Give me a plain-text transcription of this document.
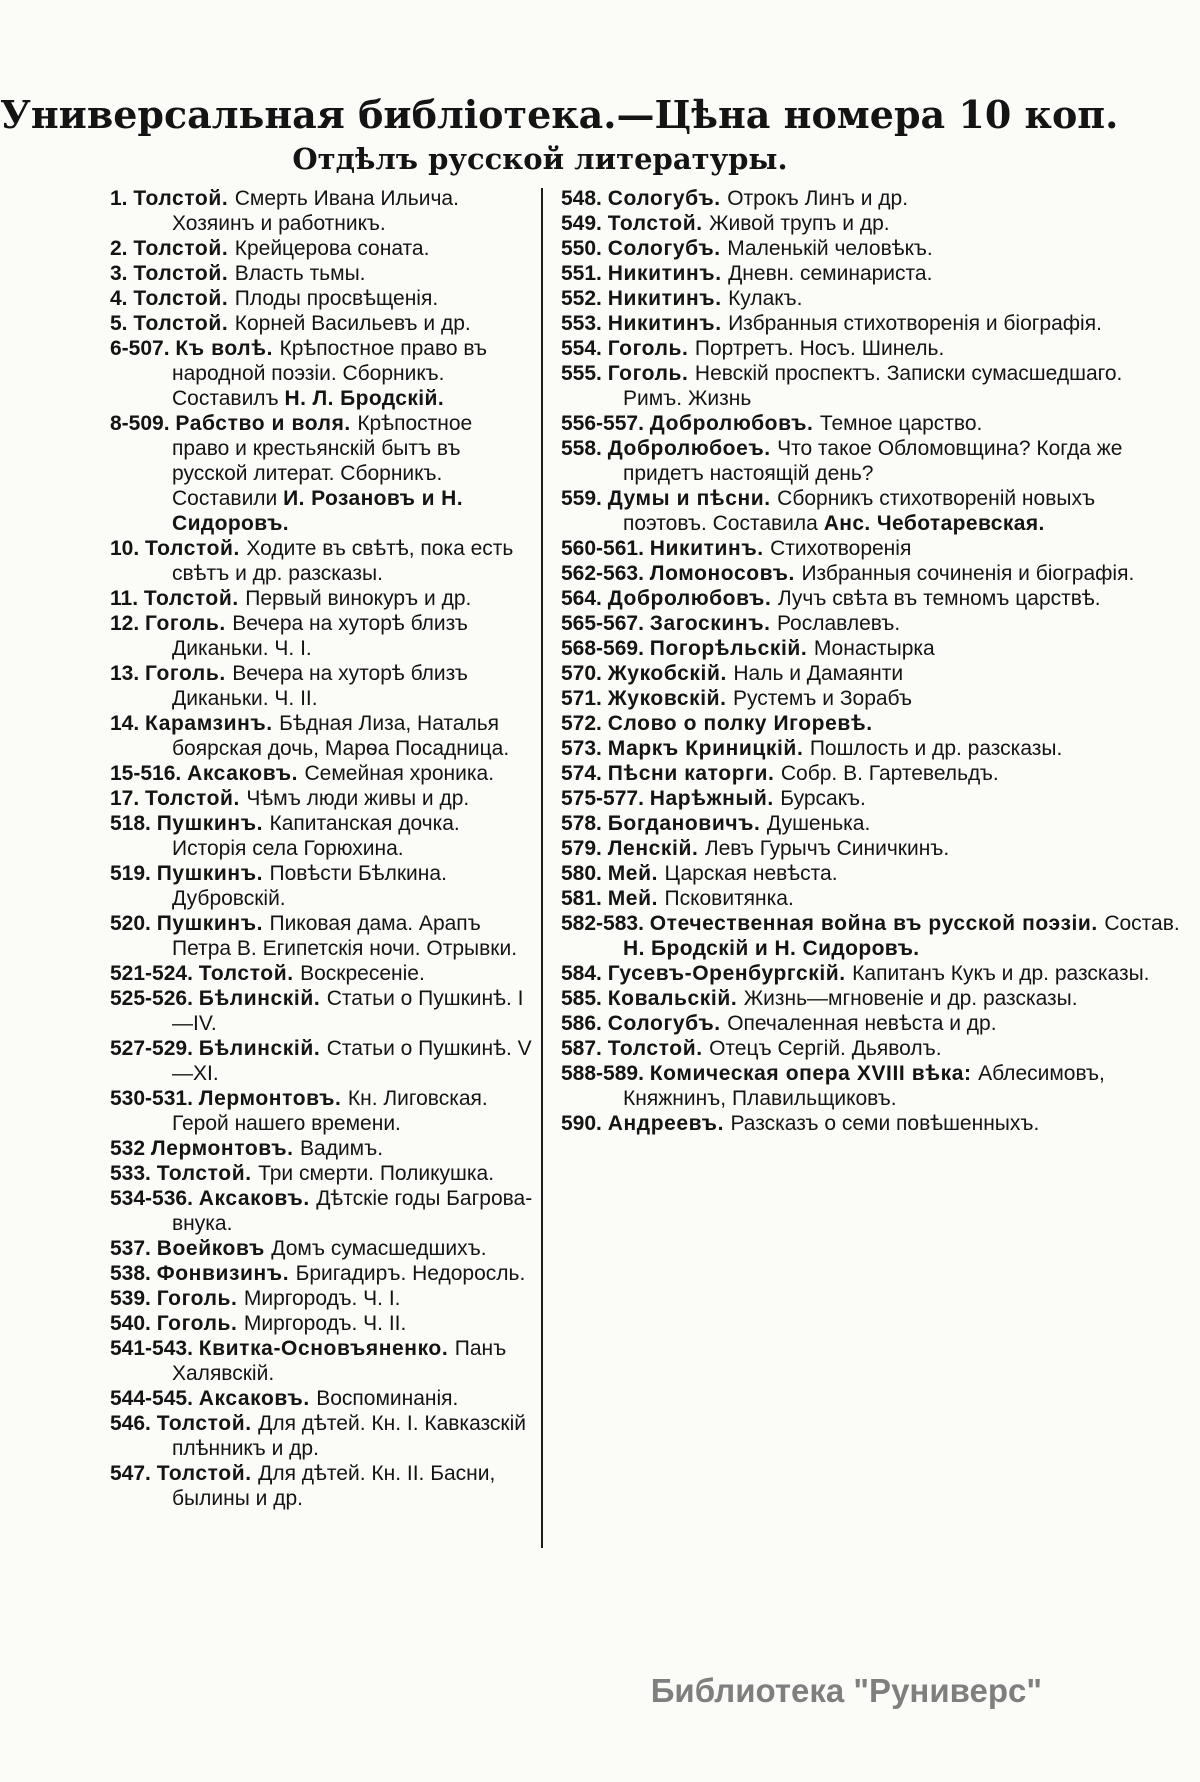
Универсальная библіотека.—Цѣна номера 10 коп.
Отдѣлъ русской литературы.
1. Толстой. Смерть Ивана Ильича. Хозяинъ и работникъ.
2. Толстой. Крейцерова соната.
3. Толстой. Власть тьмы.
4. Толстой. Плоды просвѣщенія.
5. Толстой. Корней Васильевъ и др.
6-507. Къ волѣ. Крѣпостное право въ народной поэзіи. Сборникъ. Составилъ Н. Л. Бродскій.
8-509. Рабство и воля. Крѣпостное право и крестьянскій бытъ въ русской литерат. Сборникъ. Составили И. Розановъ и Н. Сидоровъ.
10. Толстой. Ходите въ свѣтѣ, пока есть свѣтъ и др. разсказы.
11. Толстой. Первый винокуръ и др.
12. Гоголь. Вечера на хуторѣ близъ Диканьки. Ч. I.
13. Гоголь. Вечера на хуторѣ близъ Диканьки. Ч. II.
14. Карамзинъ. Бѣдная Лиза, Наталья боярская дочь, Марѳа Посадница.
15-516. Аксаковъ. Семейная хроника.
17. Толстой. Чѣмъ люди живы и др.
518. Пушкинъ. Капитанская дочка. Исторія села Горюхина.
519. Пушкинъ. Повѣсти Бѣлкина. Дубровскій.
520. Пушкинъ. Пиковая дама. Арапъ Петра В. Египетскія ночи. Отрывки.
521-524. Толстой. Воскресеніе.
525-526. Бѣлинскій. Статьи о Пушкинѣ. I—IV.
527-529. Бѣлинскій. Статьи о Пушкинѣ. V—XI.
530-531. Лермонтовъ. Кн. Лиговская. Герой нашего времени.
532 Лермонтовъ. Вадимъ.
533. Толстой. Три смерти. Поликушка.
534-536. Аксаковъ. Дѣтскіе годы Багрова-внука.
537. Воейковъ Домъ сумасшедшихъ.
538. Фонвизинъ. Бригадиръ. Недоросль.
539. Гоголь. Миргородъ. Ч. I.
540. Гоголь. Миргородъ. Ч. II.
541-543. Квитка-Основъяненко. Панъ Халявскій.
544-545. Аксаковъ. Воспоминанія.
546. Толстой. Для дѣтей. Кн. I. Кавказскій плѣнникъ и др.
547. Толстой. Для дѣтей. Кн. II. Басни, былины и др.
548. Сологубъ. Отрокъ Линъ и др.
549. Толстой. Живой трупъ и др.
550. Сологубъ. Маленькій человѣкъ.
551. Никитинъ. Дневн. семинариста.
552. Никитинъ. Кулакъ.
553. Никитинъ. Избранныя стихотворенія и біографія.
554. Гоголь. Портретъ. Носъ. Шинель.
555. Гоголь. Невскій проспектъ. Записки сумасшедшаго. Римъ. Жизнь
556-557. Добролюбовъ. Темное царство.
558. Добролюбоеъ. Что такое Обломовщина? Когда же придетъ настоящій день?
559. Думы и пѣсни. Сборникъ стихотвореній новыхъ поэтовъ. Составила Анс. Чеботаревская.
560-561. Никитинъ. Стихотворенія
562-563. Ломоносовъ. Избранныя сочиненія и біографія.
564. Добролюбовъ. Лучъ свѣта въ темномъ царствѣ.
565-567. Загоскинъ. Рославлевъ.
568-569. Погорѣльскій. Монастырка
570. Жукобскій. Наль и Дамаянти
571. Жуковскій. Рустемъ и Зорабъ
572. Слово о полку Игоревѣ.
573. Маркъ Криницкій. Пошлость и др. разсказы.
574. Пѣсни каторги. Собр. В. Гартевельдъ.
575-577. Нарѣжный. Бурсакъ.
578. Богдановичъ. Душенька.
579. Ленскій. Левъ Гурычъ Синичкинъ.
580. Мей. Царская невѣста.
581. Мей. Псковитянка.
582-583. Отечественная война въ русской поэзіи. Состав. Н. Бродскій и Н. Сидоровъ.
584. Гусевъ-Оренбургскій. Капитанъ Кукъ и др. разсказы.
585. Ковальскій. Жизнь—мгновеніе и др. разсказы.
586. Сологубъ. Опечаленная невѣста и др.
587. Толстой. Отецъ Сергій. Дьяволъ.
588-589. Комическая опера XVIII вѣка: Аблесимовъ, Княжнинъ, Плавильщиковъ.
590. Андреевъ. Разсказъ о семи повѣшенныхъ.
Библиотека "Руниверс"
